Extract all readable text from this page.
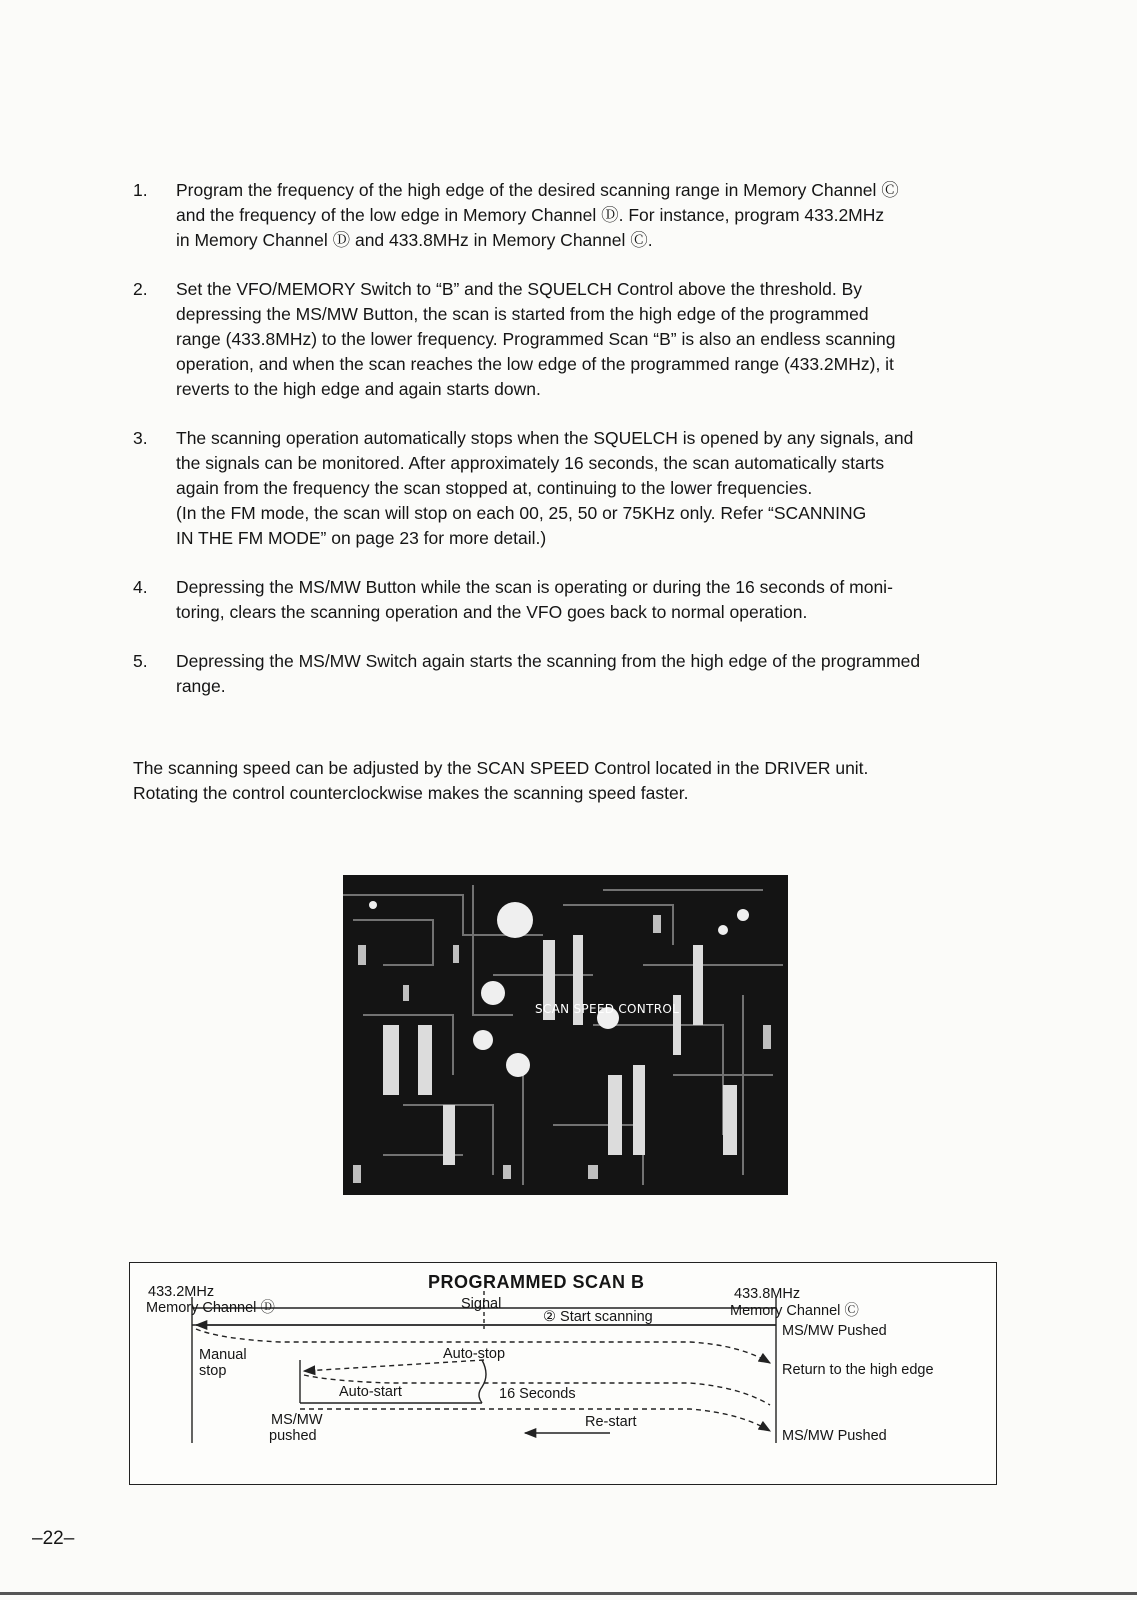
1. Program the frequency of the high edge of the desired scanning range in Memory Channel Ⓒ
and the frequency of the low edge in Memory Channel Ⓓ. For instance, program 433.2MHz
in Memory Channel Ⓓ and 433.8MHz in Memory Channel Ⓒ.
2. Set the VFO/MEMORY Switch to “B” and the SQUELCH Control above the threshold. By
depressing the MS/MW Button, the scan is started from the high edge of the programmed
range (433.8MHz) to the lower frequency. Programmed Scan “B” is also an endless scanning
operation, and when the scan reaches the low edge of the programmed range (433.2MHz), it
reverts to the high edge and again starts down.
3. The scanning operation automatically stops when the SQUELCH is opened by any signals, and
the signals can be monitored. After approximately 16 seconds, the scan automatically starts
again from the frequency the scan stopped at, continuing to the lower frequencies.
(In the FM mode, the scan will stop on each 00, 25, 50 or 75KHz only. Refer “SCANNING
IN THE FM MODE” on page 23 for more detail.)
4. Depressing the MS/MW Button while the scan is operating or during the 16 seconds of moni-
toring, clears the scanning operation and the VFO goes back to normal operation.
5. Depressing the MS/MW Switch again starts the scanning from the high edge of the programmed
range.
The scanning speed can be adjusted by the SCAN SPEED Control located in the DRIVER unit.
Rotating the control counterclockwise makes the scanning speed faster.
SCAN SPEED CONTROL
PROGRAMMED SCAN B
433.2MHz
Memory Channel Ⓓ	Signal
433.8MHz
Memory Channel Ⓒ
② Start scanning
MS/MW Pushed
Auto-stop
Manual
stop	Return to the high edge
Auto-start	16 Seconds
MS/MW
pushed
Re-start
MS/MW Pushed
–22–
